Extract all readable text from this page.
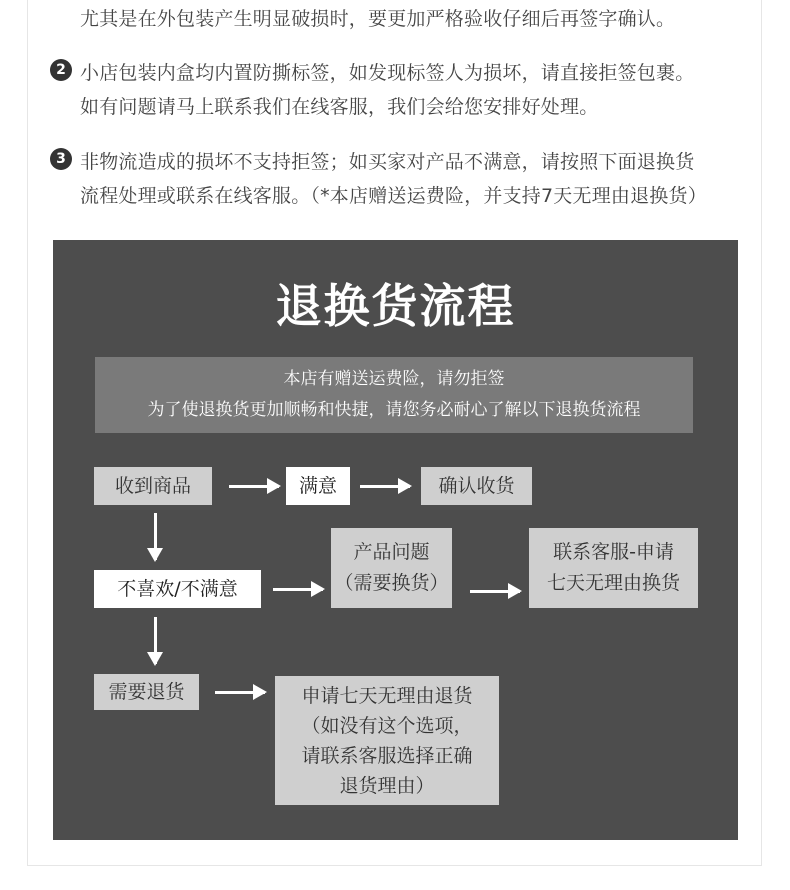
尤其是在外包装产生明显破损时，要更加严格验收仔细后再签字确认。
2 小店包装内盒均内置防撕标签，如发现标签人为损坏，请直接拒签包裹。
如有问题请马上联系我们在线客服，我们会给您安排好处理。
3 非物流造成的损坏不支持拒签；如买家对产品不满意，请按照下面退换货
流程处理或联系在线客服。（*本店赠送运费险，并支持7天无理由退换货）
退换货流程
本店有赠送运费险，请勿拒签
为了使退换货更加顺畅和快捷，请您务必耐心了解以下退换货流程
收到商品	满意	确认收货
不喜欢/不满意
产品问题
（需要换货）
联系客服-申请
七天无理由换货
需要退货	申请七天无理由退货
（如没有这个选项，
请联系客服选择正确
退货理由）
